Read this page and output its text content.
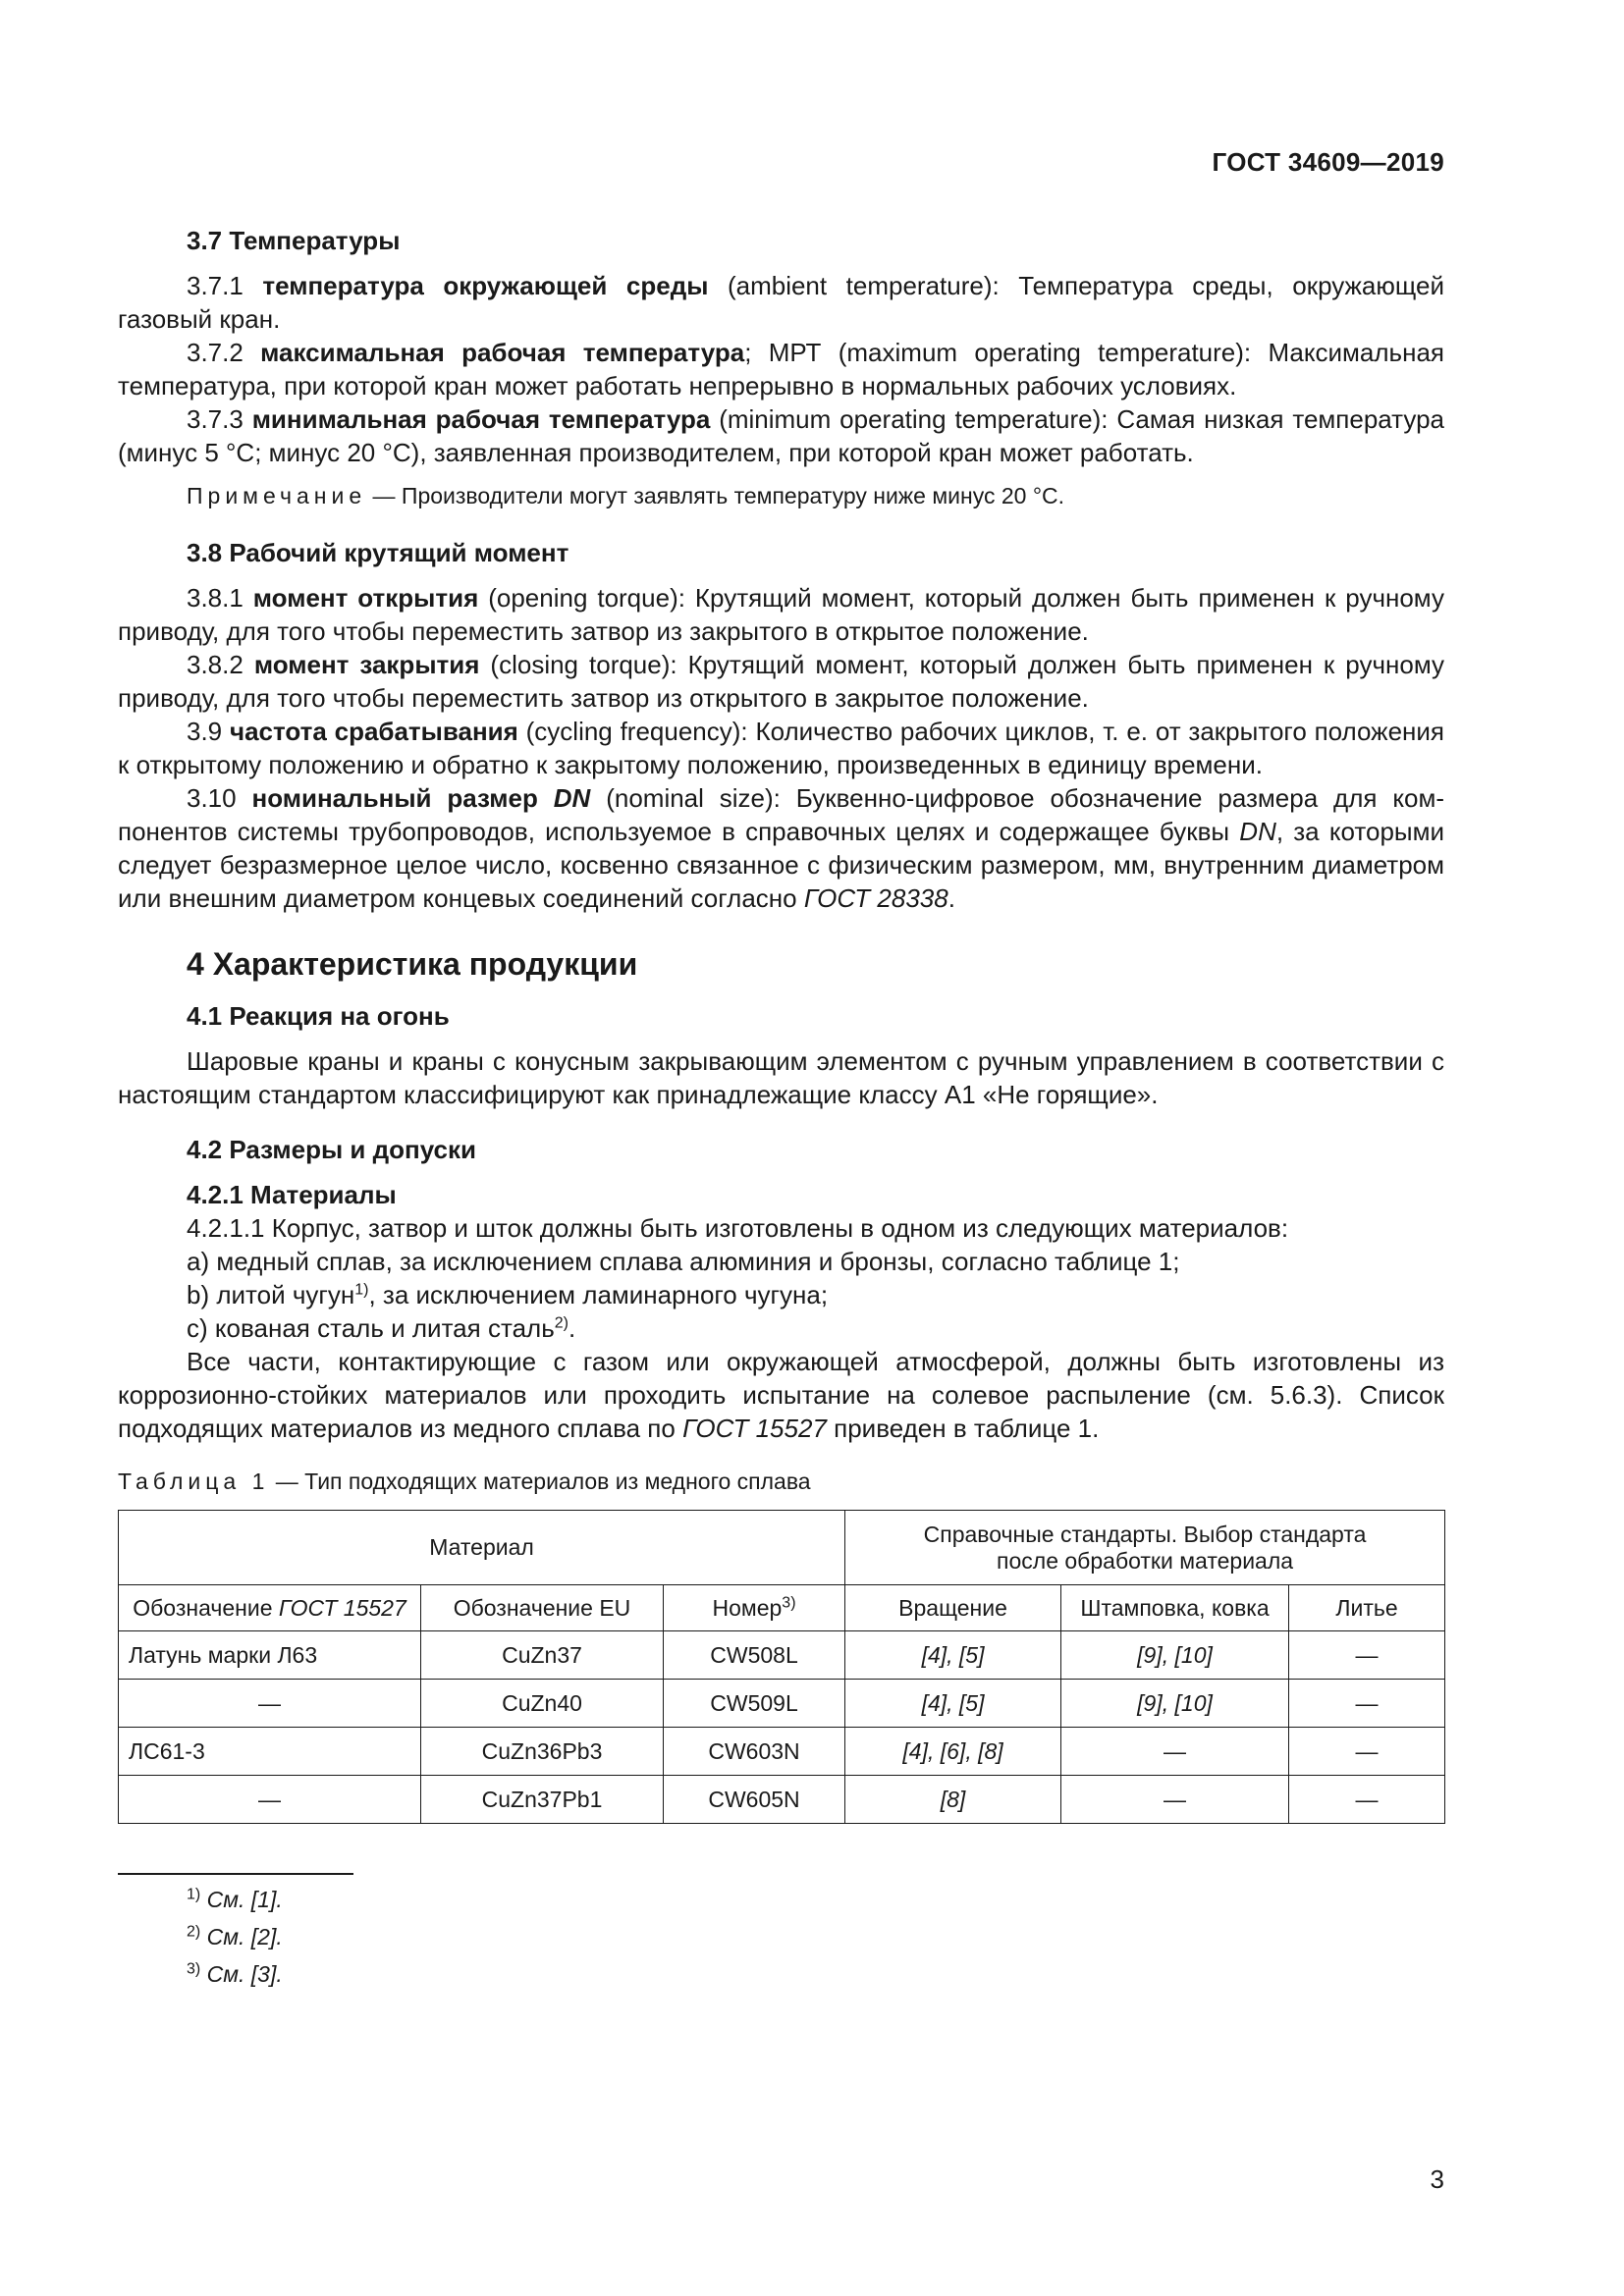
ГОСТ 34609—2019
3.7 Температуры

3.7.1 температура окружающей среды (ambient temperature): Температура среды, окружающей газовый кран.

3.7.2 максимальная рабочая температура; МРТ (maximum operating temperature): Максимальная температура, при которой кран может работать непрерывно в нормальных рабочих условиях.

3.7.3 минимальная рабочая температура (minimum operating temperature): Самая низкая температура (минус 5 °С; минус 20 °С), заявленная производителем, при которой кран может работать.

Примечание — Производители могут заявлять температуру ниже минус 20 °С.

3.8 Рабочий крутящий момент

3.8.1 момент открытия (opening torque): Крутящий момент, который должен быть применен к ручному приводу, для того чтобы переместить затвор из закрытого в открытое положение.

3.8.2 момент закрытия (closing torque): Крутящий момент, который должен быть применен к ручному приводу, для того чтобы переместить затвор из открытого в закрытое положение.

3.9 частота срабатывания (cycling frequency): Количество рабочих циклов, т. е. от закрытого положения к открытому положению и обратно к закрытому положению, произведенных в единицу времени.

3.10 номинальный размер DN (nominal size): Буквенно-цифровое обозначение размера для компонентов системы трубопроводов, используемое в справочных целях и содержащее буквы DN, за которыми следует безразмерное целое число, косвенно связанное с физическим размером, мм, внутренним диаметром или внешним диаметром концевых соединений согласно ГОСТ 28338.

4 Характеристика продукции
4.1 Реакция на огонь

Шаровые краны и краны с конусным закрывающим элементом с ручным управлением в соответствии с настоящим стандартом классифицируют как принадлежащие классу А1 «Не горящие».

4.2 Размеры и допуски
4.2.1 Материалы

4.2.1.1 Корпус, затвор и шток должны быть изготовлены в одном из следующих материалов:

а) медный сплав, за исключением сплава алюминия и бронзы, согласно таблице 1;

b) литой чугун$^{1)}$, за исключением ламинарного чугуна;

c) кованая сталь и литая сталь$^{2)}$.

Все части, контактирующие с газом или окружающей атмосферой, должны быть изготовлены из коррозионно-стойких материалов или проходить испытание на солевое распыление (см. 5.6.3). Список подходящих материалов из медного сплава по ГОСТ 15527 приведен в таблице 1.

Таблица 1 — Тип подходящих материалов из медного сплава

Материал			Справочные стандарты. Выбор стандарта после обработки материала		
Обозначение ГОСТ 15527	Обозначение EU	Номер$^{3)}$	Вращение	Штамповка, ковка	Литье
Латунь марки Л63	CuZn37	CW508L	[4], [5]	[9], [10]	—
—	CuZn40	CW509L	[4], [5]	[9], [10]	—
ЛС61-3	CuZn36Pb3	CW603N	[4], [6], [8]	—	—
—	CuZn37Pb1	CW605N	[8]	—	—
$^{1)}$ См. [1].
$^{2)}$ См. [2].
$^{3)}$ См. [3].
3
